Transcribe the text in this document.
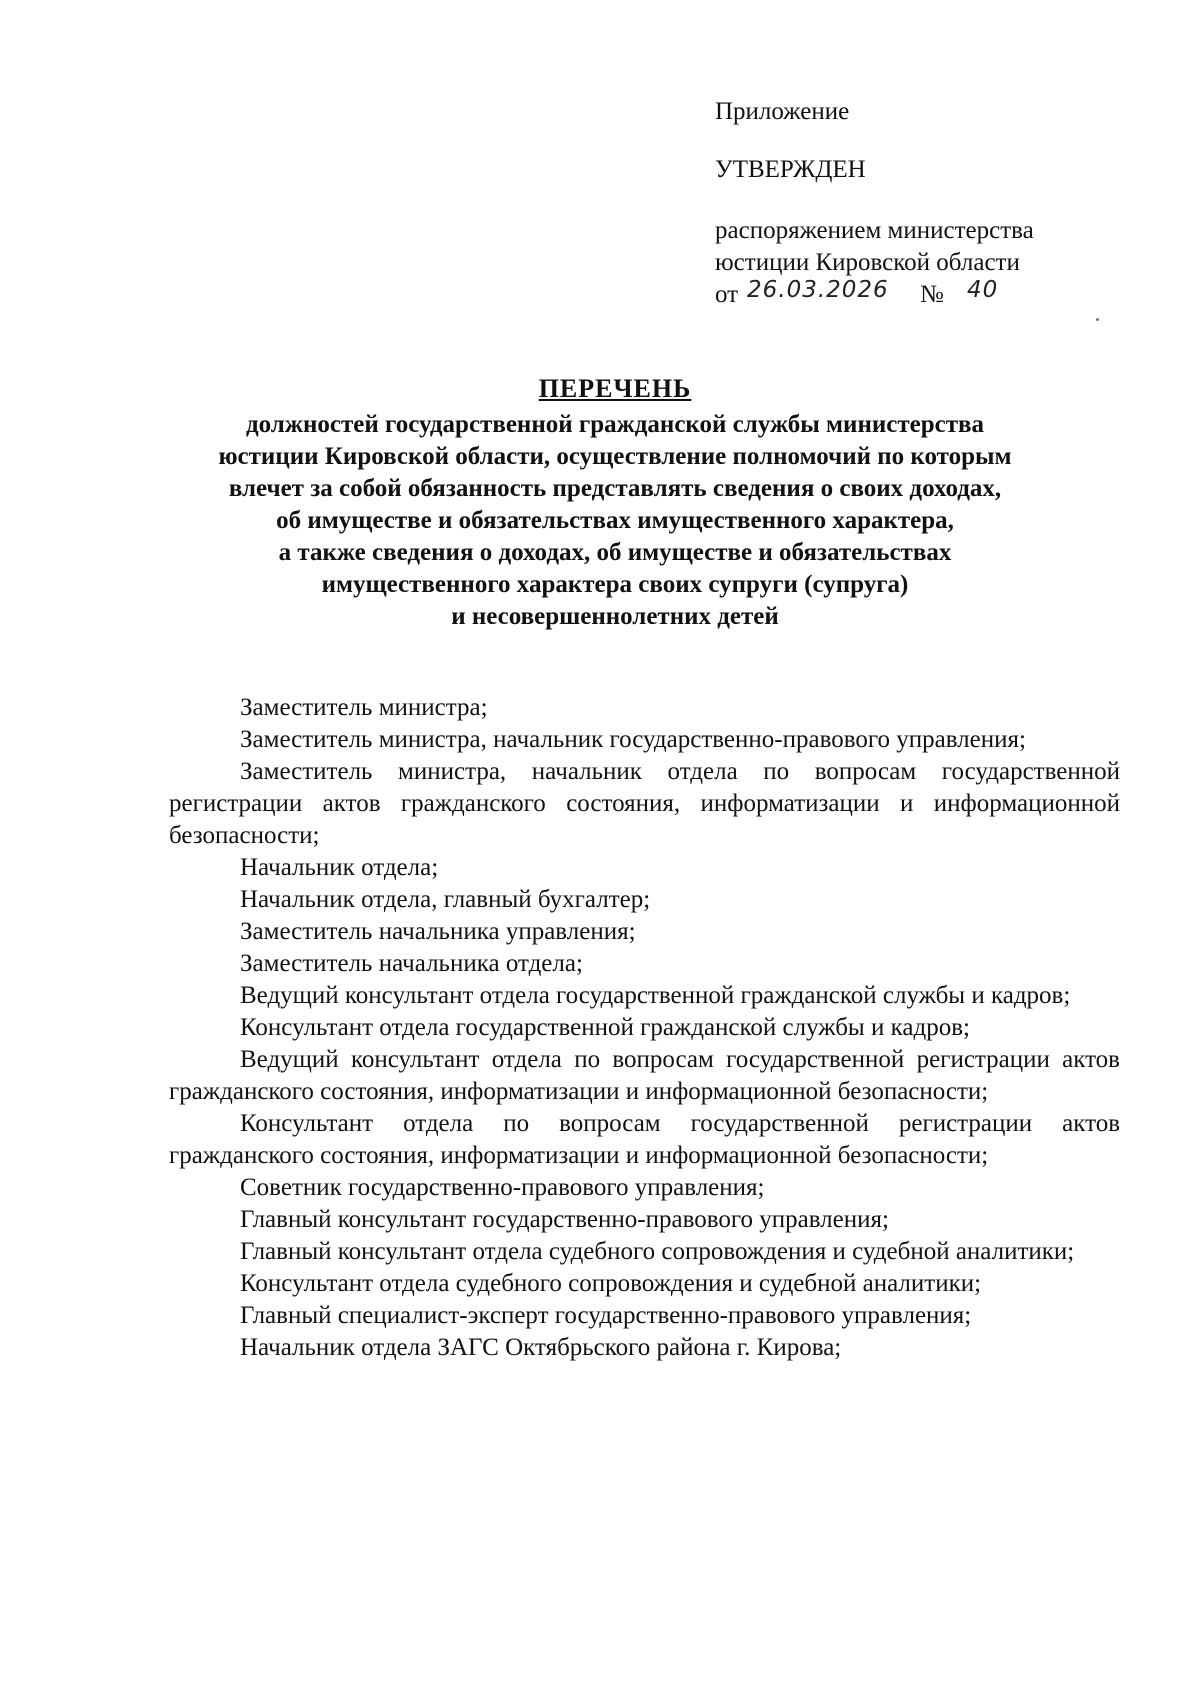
Приложение
УТВЕРЖДЕН
распоряжением министерства
юстиции Кировской области
от 26.03.2026 № 40
ПЕРЕЧЕНЬ
должностей государственной гражданской службы министерства
юстиции Кировской области, осуществление полномочий по которым
влечет за собой обязанность представлять сведения о своих доходах,
об имуществе и обязательствах имущественного характера,
а также сведения о доходах, об имуществе и обязательствах
имущественного характера своих супруги (супруга)
и несовершеннолетних детей
Заместитель министра;
Заместитель министра, начальник государственно-правового управления;
Заместитель министра, начальник отдела по вопросам государственной регистрации актов гражданского состояния, информатизации и информационной безопасности;
Начальник отдела;
Начальник отдела, главный бухгалтер;
Заместитель начальника управления;
Заместитель начальника отдела;
Ведущий консультант отдела государственной гражданской службы и кадров;
Консультант отдела государственной гражданской службы и кадров;
Ведущий консультант отдела по вопросам государственной регистрации актов гражданского состояния, информатизации и информационной безопасности;
Консультант отдела по вопросам государственной регистрации актов гражданского состояния, информатизации и информационной безопасности;
Советник государственно-правового управления;
Главный консультант государственно-правового управления;
Главный консультант отдела судебного сопровождения и судебной аналитики;
Консультант отдела судебного сопровождения и судебной аналитики;
Главный специалист-эксперт государственно-правового управления;
Начальник отдела ЗАГС Октябрьского района г. Кирова;
